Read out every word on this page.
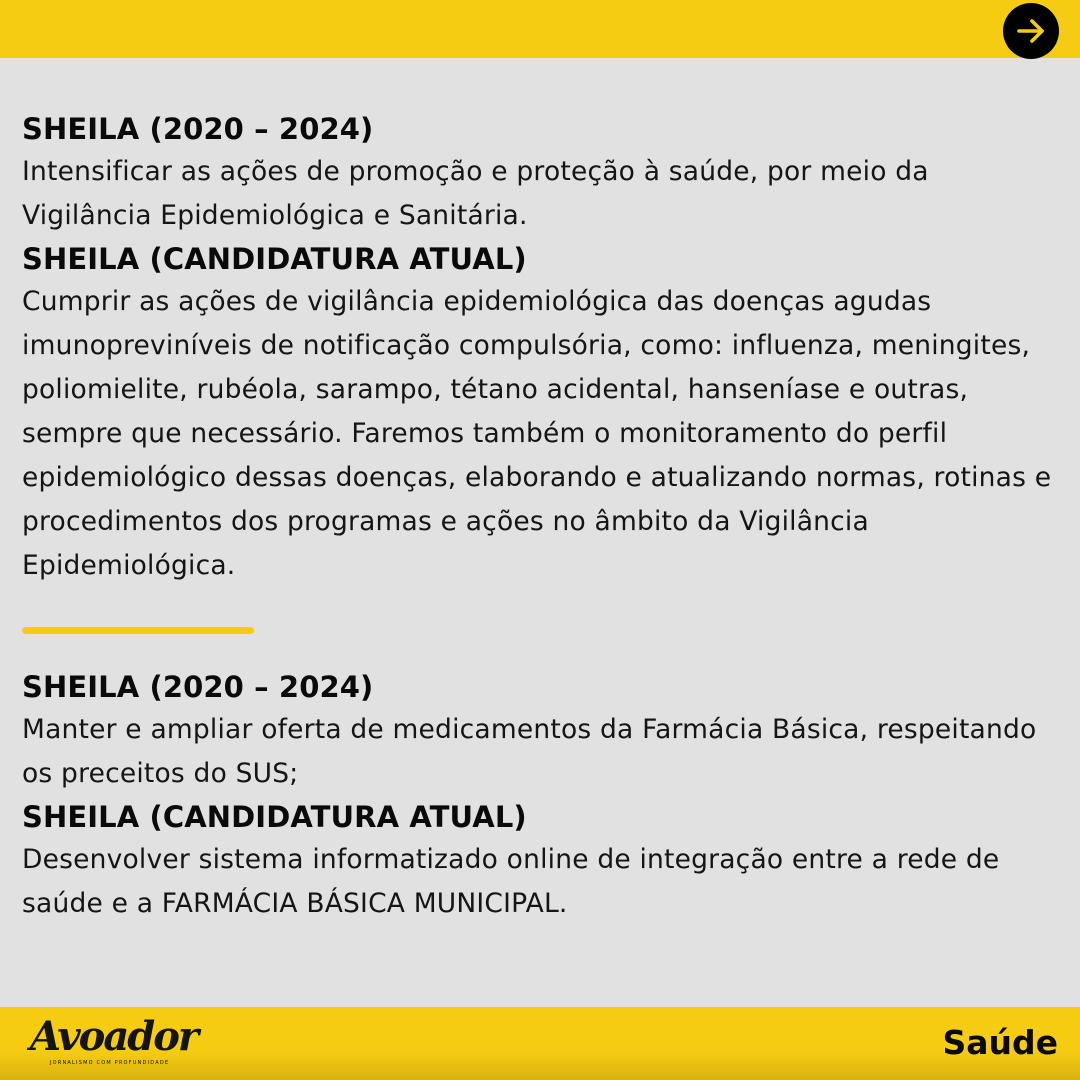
SHEILA (2020 – 2024)
Intensificar as ações de promoção e proteção à saúde, por meio da Vigilância Epidemiológica e Sanitária.
SHEILA (CANDIDATURA ATUAL)
Cumprir as ações de vigilância epidemiológica das doenças agudas imunopreviníveis de notificação compulsória, como: influenza, meningites, poliomielite, rubéola, sarampo, tétano acidental, hanseníase e outras, sempre que necessário. Faremos também o monitoramento do perfil epidemiológico dessas doenças, elaborando e atualizando normas, rotinas e procedimentos dos programas e ações no âmbito da Vigilância Epidemiológica.
SHEILA (2020 – 2024)
Manter e ampliar oferta de medicamentos da Farmácia Básica, respeitando os preceitos do SUS;
SHEILA (CANDIDATURA ATUAL)
Desenvolver sistema informatizado online de integração entre a rede de saúde e a FARMÁCIA BÁSICA MUNICIPAL.
Avoador
JORNALISMO COM PROFUNDIDADE
Saúde
